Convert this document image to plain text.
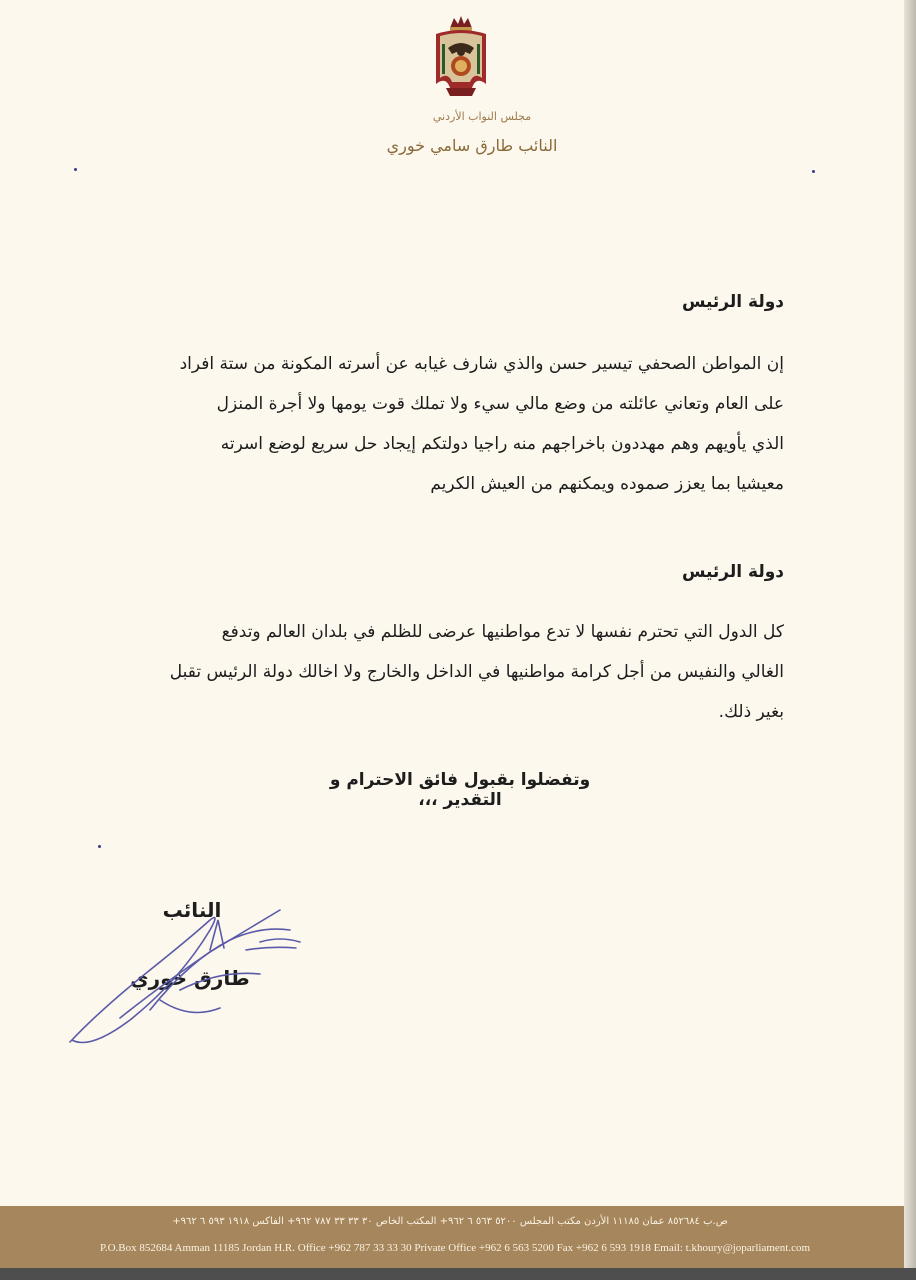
مجلس النواب الأردني
النائب طارق سامي خوري
دولة الرئيس
إن المواطن الصحفي تيسير حسن والذي شارف غيابه عن أسرته المكونة من ستة افراد
على العام وتعاني عائلته من وضع مالي سيء ولا تملك قوت يومها ولا أجرة المنزل
الذي يأويهم وهم مهددون باخراجهم منه راجيا دولتكم إيجاد حل سريع لوضع اسرته
معيشيا بما يعزز صموده ويمكنهم من العيش الكريم
دولة الرئيس
كل الدول التي تحترم نفسها لا تدع مواطنيها عرضى للظلم في بلدان العالم وتدفع
الغالي والنفيس من أجل كرامة مواطنيها في الداخل والخارج ولا اخالك دولة الرئيس تقبل
بغير ذلك.
وتفضلوا بقبول فائق الاحترام و التقدير ،،،
النائب
طارق خوري
ص.ب ٨٥٢٦٨٤ عمان ١١١٨٥ الأردن مكتب المجلس ٥٢٠٠ ٥٦٣ ٦ ٩٦٢+ المكتب الخاص ٣٠ ٣٣ ٣٣ ٧٨٧ ٩٦٢+ الفاكس ١٩١٨ ٥٩٣ ٦ ٩٦٢+
P.O.Box 852684 Amman 11185 Jordan H.R. Office +962 787 33 33 30 Private Office +962 6 563 5200 Fax +962 6 593 1918 Email: t.khoury@joparliament.com
